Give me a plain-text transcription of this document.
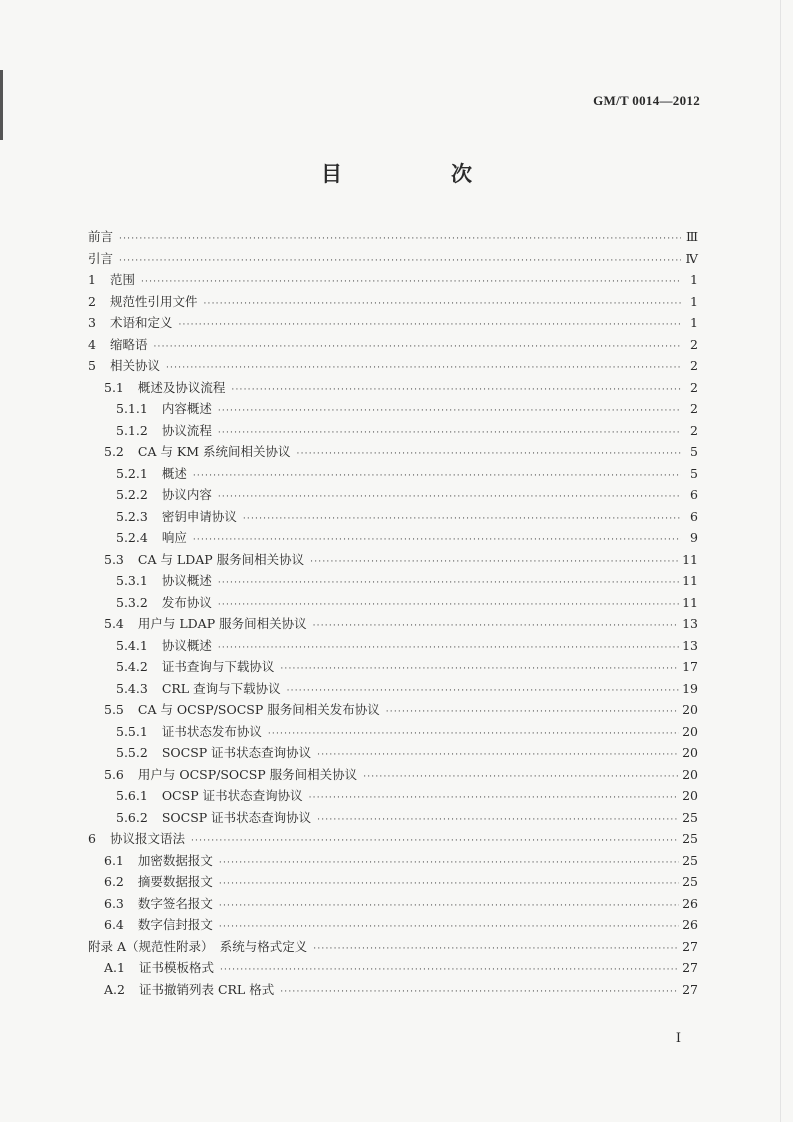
GM/T 0014—2012
目　次
前言 ·····	Ⅲ
引言 ·····	Ⅳ
1 范围 ·····	1
2 规范性引用文件 ·····	1
3 术语和定义 ·····	1
4 缩略语 ·····	2
5 相关协议 ·····	2
5.1 概述及协议流程 ·····	2
5.1.1 内容概述 ·····	2
5.1.2 协议流程 ·····	2
5.2 CA 与 KM 系统间相关协议 ·····	5
5.2.1 概述 ·····	5
5.2.2 协议内容 ·····	6
5.2.3 密钥申请协议 ·····	6
5.2.4 响应 ·····	9
5.3 CA 与 LDAP 服务间相关协议 ·····	11
5.3.1 协议概述 ·····	11
5.3.2 发布协议 ·····	11
5.4 用户与 LDAP 服务间相关协议 ·····	13
5.4.1 协议概述 ·····	13
5.4.2 证书查询与下载协议 ·····	17
5.4.3 CRL 查询与下载协议 ·····	19
5.5 CA 与 OCSP/SOCSP 服务间相关发布协议 ·····	20
5.5.1 证书状态发布协议 ·····	20
5.5.2 SOCSP 证书状态查询协议 ·····	20
5.6 用户与 OCSP/SOCSP 服务间相关协议 ·····	20
5.6.1 OCSP 证书状态查询协议 ·····	20
5.6.2 SOCSP 证书状态查询协议 ·····	25
6 协议报文语法 ·····	25
6.1 加密数据报文 ·····	25
6.2 摘要数据报文 ·····	25
6.3 数字签名报文 ·····	26
6.4 数字信封报文 ·····	26
附录 A（规范性附录）　系统与格式定义 ·····	27
A.1 证书模板格式 ·····	27
A.2 证书撤销列表 CRL 格式 ·····	27
Ⅰ
